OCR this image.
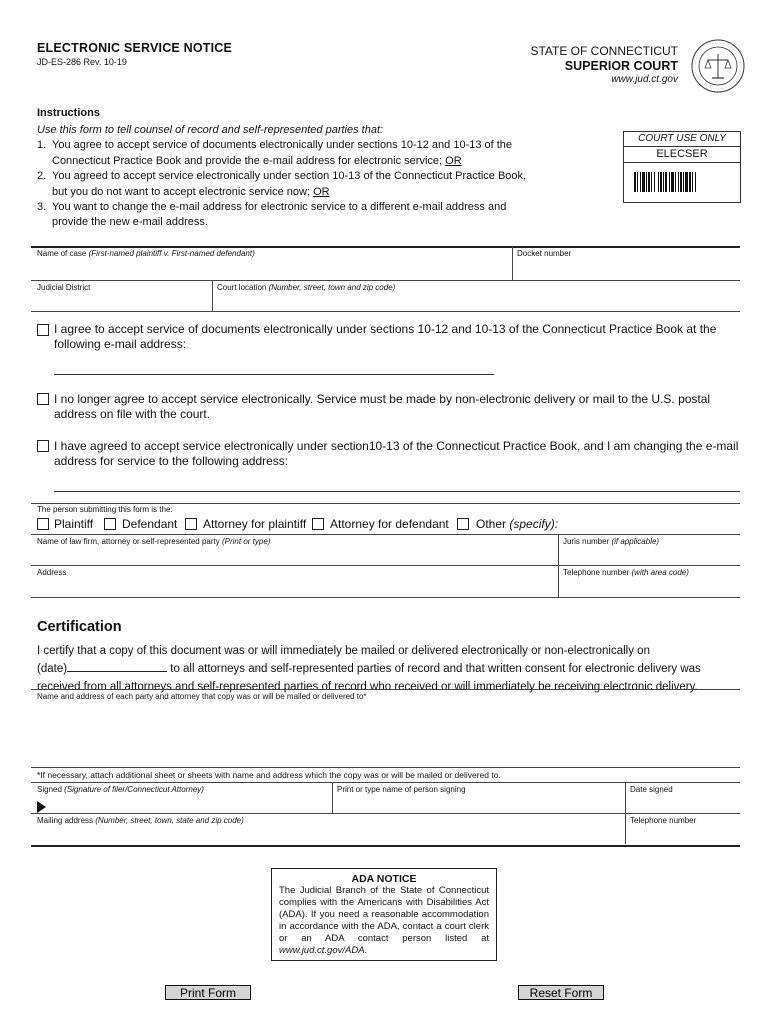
ELECTRONIC SERVICE NOTICE
JD-ES-286 Rev. 10-19
STATE OF CONNECTICUT
SUPERIOR COURT
www.jud.ct.gov
Instructions
Use this form to tell counsel of record and self-represented parties that:
1. You agree to accept service of documents electronically under sections 10-12 and 10-13 of the Connecticut Practice Book and provide the e-mail address for electronic service; OR
2. You agreed to accept service electronically under section 10-13 of the Connecticut Practice Book, but you do not want to accept electronic service now; OR
3. You want to change the e-mail address for electronic service to a different e-mail address and provide the new e-mail address.
COURT USE ONLY
ELECSER
Name of case (First-named plaintiff v. First-named defendant)	Docket number
Judicial District	Court location (Number, street, town and zip code)
I agree to accept service of documents electronically under sections 10-12 and 10-13 of the Connecticut Practice Book at the following e-mail address:
I no longer agree to accept service electronically. Service must be made by non-electronic delivery or mail to the U.S. postal address on file with the court.
I have agreed to accept service electronically under section10-13 of the Connecticut Practice Book, and I am changing the e-mail address for service to the following address:
The person submitting this form is the:
Plaintiff Defendant Attorney for plaintiff Attorney for defendant Other (specify):
Name of law firm, attorney or self-represented party (Print or type)	Juris number (if applicable)
Address	Telephone number (with area code)
Certification
I certify that a copy of this document was or will immediately be mailed or delivered electronically or non-electronically on
(date)	to all attorneys and self-represented parties of record and that written consent for electronic delivery was
received from all attorneys and self-represented parties of record who received or will immediately be receiving electronic delivery.
Name and address of each party and attorney that copy was or will be mailed or delivered to*
*If necessary, attach additional sheet or sheets with name and address which the copy was or will be mailed or delivered to.
Signed (Signature of filer/Connecticut Attorney)	Print or type name of person signing	Date signed
Mailing address (Number, street, town, state and zip code)	Telephone number
ADA NOTICE
The Judicial Branch of the State of Connecticut complies with the Americans with Disabilities Act (ADA). If you need a reasonable accommodation in accordance with the ADA, contact a court clerk or an ADA contact person listed at www.jud.ct.gov/ADA.
Print Form	Reset Form
